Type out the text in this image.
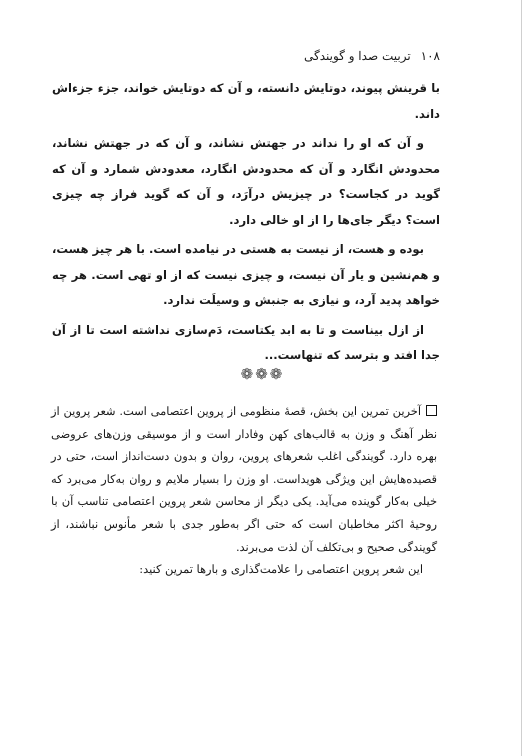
۱۰۸تربیت صدا و گویندگی

با قرینش پیوند، دوتایش دانسته، و آن که دوتایش خواند، جزء جزءاش داند.

و آن که او را نداند در جهتش نشاند، و آن که در جهتش نشاند، محدودش انگارد و آن که محدودش انگارد، معدودش شمارد و آن که گوید در کجاست؟ در چیزیش درآرَد، و آن که گوید فراز چه چیزی است؟ دیگر جای‌ها را از او خالی دارد.

بوده و هست، از نیست به هستی در نیامده است. با هر چیز هست، و هم‌نشین و یار آن نیست، و چیزی نیست که از او تهی است. هر چه خواهد پدید آرد، و نیازی به جنبش و وسیلَت ندارد.

از ازل بیناست و تا به ابد یکتاست، دَم‌سازی نداشته است تا از آن جدا افتد و بترسد که تنهاست...

❁❁❁

آخرین تمرین این بخش، قصهٔ منظومی از پروین اعتصامی است. شعر پروین از نظر آهنگ و وزن به قالب‌های کهن وفادار است و از موسیقی وزن‌های عروضی بهره دارد. گویندگی اغلب شعرهای پروین، روان و بدون دست‌انداز است، حتی در قصیده‌هایش این ویژگی هویداست. او وزن را بسیار ملایم و روان به‌کار می‌برد که خیلی به‌کار گوینده می‌آید. یکی دیگر از محاسن شعر پروین اعتصامی تناسب آن با روحیهٔ اکثر مخاطبان است که حتی اگر به‌طور جدی با شعر مأنوس نباشند، از گویندگی صحیح و بی‌تکلف آن لذت می‌برند.

این شعر پروین اعتصامی را علامت‌گذاری و بارها تمرین کنید:
